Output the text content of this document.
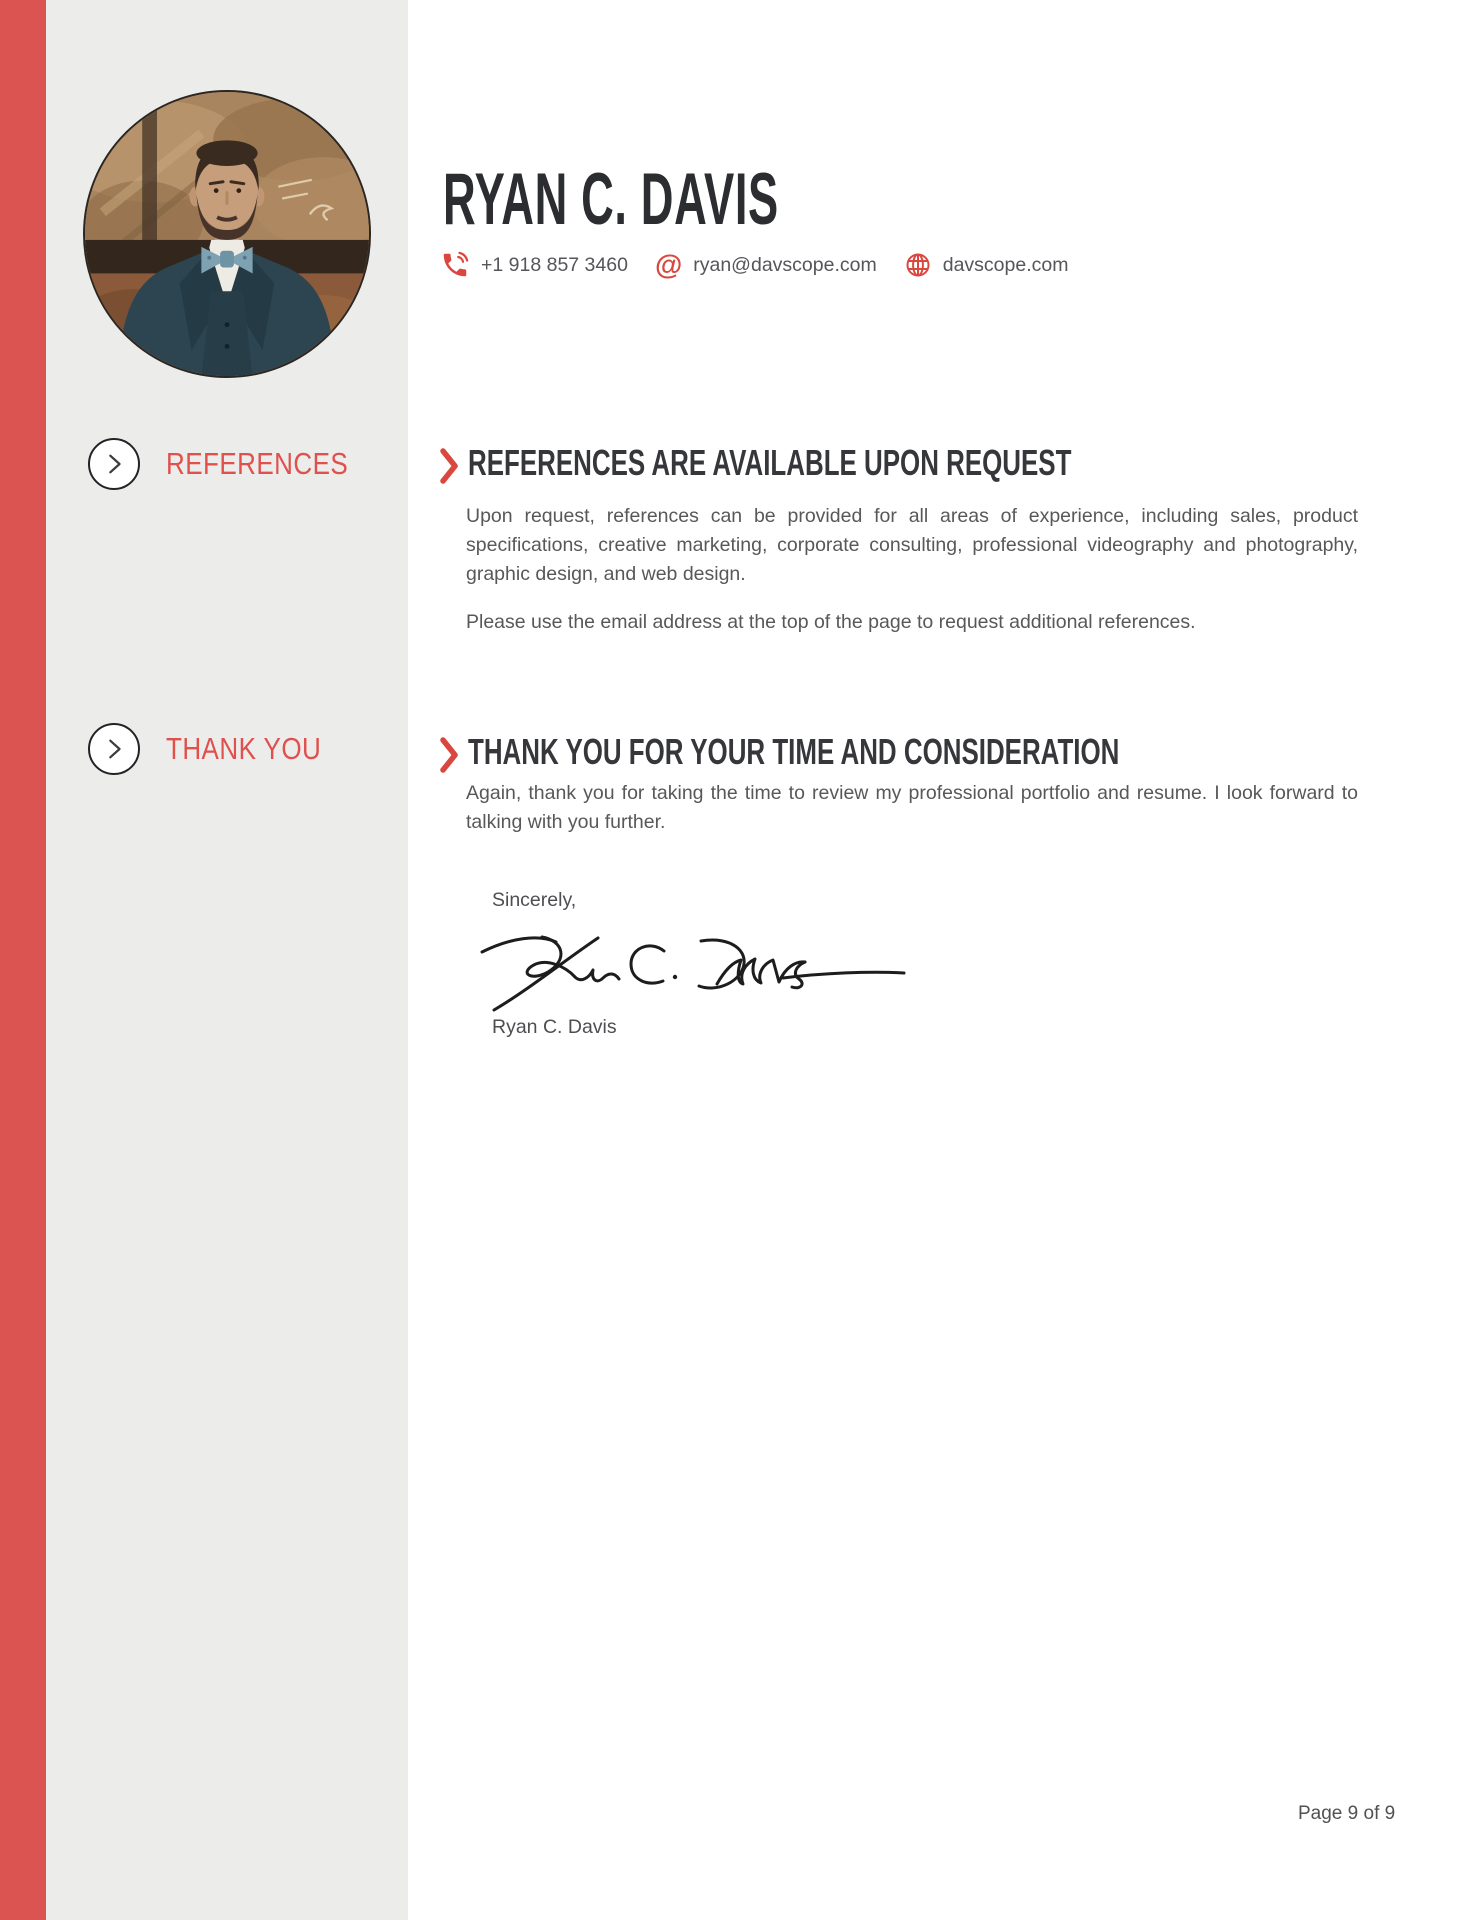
REFERENCES
THANK YOU
RYAN C. DAVIS
+1 918 857 3460 @ ryan@davscope.com	davscope.com
REFERENCES ARE AVAILABLE UPON REQUEST

Upon request, references can be provided for all areas of experience, including sales, product specifications, creative marketing, corporate consulting, professional videography and photography, graphic design, and web design.

Please use the email address at the top of the page to request additional references.

THANK YOU FOR YOUR TIME AND CONSIDERATION

Again, thank you for taking the time to review my professional portfolio and resume. I look forward to talking with you further.

Sincerely,
Ryan C. Davis
Page 9 of 9
